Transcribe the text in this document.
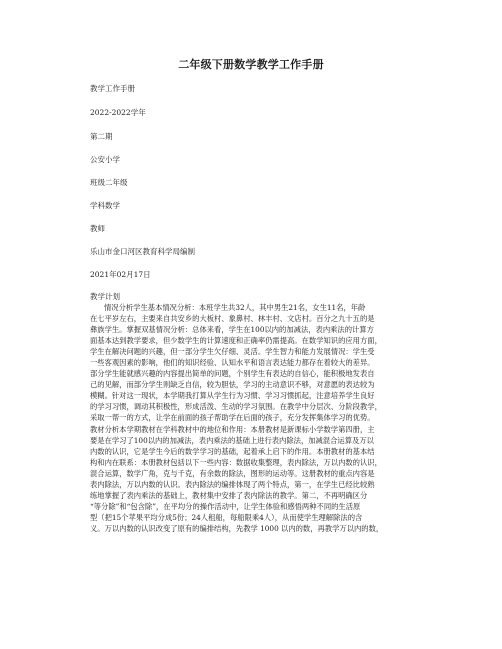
二年级下册数学教学工作手册

教学工作手册

2022-2022学年

第二期

公安小学

班级二年级

学科数学

教师

乐山市金口河区教育科学局编制

2021年02月17日

教学计划

情况分析学生基本情况分析：本班学生共32人，其中男生21名，女生11名，年龄
在七平岁左右，主要来自共安乡的大板村、象鼻村、林丰村、文店村。百分之九十五的是
彝族学生。掌握双基情况分析：总体来看，学生在100以内的加减法，表内乘法的计算方
面基本达到教学要求，但少数学生的计算速度和正确率仍需提高。在数学知识的应用方面，
学生在解决问题的兴趣，但一部分学生欠仔细、灵活。学生智力和能力发展情况：学生受
一些客观因素的影响，他们的知识经验、认知水平和语言表达能力都存在着较大的差异。
部分学生能就感兴趣的内容提出简单的问题，个别学生有表达的自信心，能积极地发表自
己的见解，而部分学生则缺乏自信，较为胆怯，学习的主动意识不够，对意愿的表达较为
模糊。针对这一现状，本学期我打算从学生行为习惯、学习习惯抓起，注意培养学生良好
的学习习惯，调动其积极性，形成活泼、生动的学习氛围。在教学中分层次、分阶段教学，
采取一帮一的方式，让学在前面的孩子帮助学在后面的孩子，充分发挥集体学习的优势。
教材分析本学期教材在学科教材中的地位和作用：本册教材是新课标小学数学第四册，主
要是在学习了100以内的加减法，表内乘法的基础上进行表内除法，加减混合运算及万以
内数的认识，它是学生今后的数学学习的基础，起着承上启下的作用。本册教材的基本结
构和内在联系：本册教材包括以下一些内容：数据收集整理，表内除法，万以内数的认识，
混合运算，数学广角，克与千克，有余数的除法，图形的运动等。这册教材的重点内容是
表内除法，万以内数的认识。表内除法的编排体现了两个特点，第一，在学生已经比较熟
练地掌握了表内乘法的基础上，教材集中安排了表内除法的教学。第二，不再明确区分
“等分除”和“包含除”，在平均分的操作活动中，让学生体验和感悟两种不同的生活原
型（把15个苹果平均分成5份；24人租船，每船限乘4人），从而使学生理解除法的含
义。万以内数的认识改变了原有的编排结构，先教学 1000 以内的数，再教学万以内的数，
